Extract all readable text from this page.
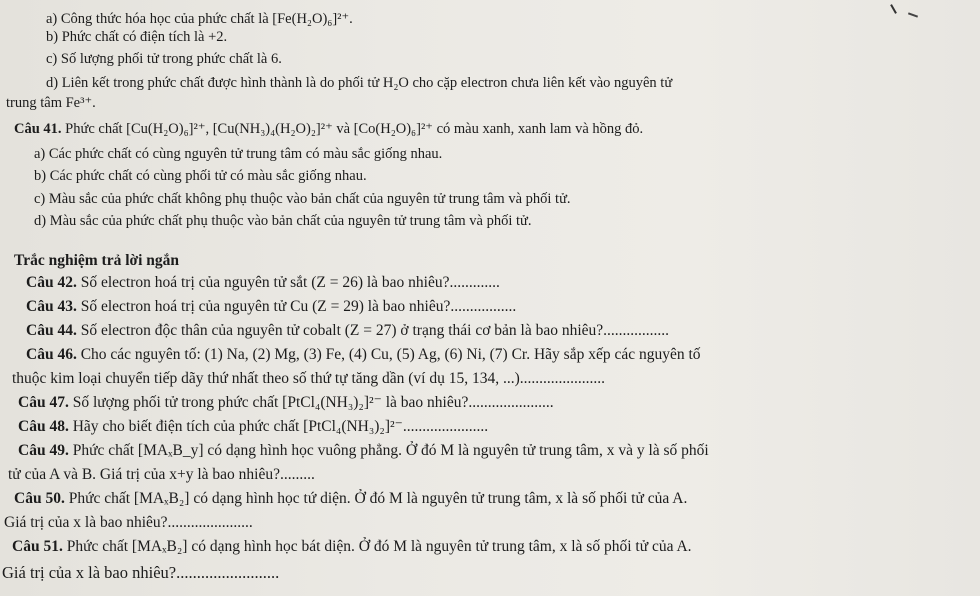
a) Công thức hóa học của phức chất là [Fe(H₂O)₆]²⁺.
b) Phức chất có điện tích là +2.
c) Số lượng phối tử trong phức chất là 6.
d) Liên kết trong phức chất được hình thành là do phối tử H₂O cho cặp electron chưa liên kết vào nguyên tử
trung tâm Fe³⁺.
Câu 41. Phức chất [Cu(H₂O)₆]²⁺, [Cu(NH₃)₄(H₂O)₂]²⁺ và [Co(H₂O)₆]²⁺ có màu xanh, xanh lam và hồng đỏ.
a) Các phức chất có cùng nguyên tử trung tâm có màu sắc giống nhau.
b) Các phức chất có cùng phối tử có màu sắc giống nhau.
c) Màu sắc của phức chất không phụ thuộc vào bản chất của nguyên tử trung tâm và phối tử.
d) Màu sắc của phức chất phụ thuộc vào bản chất của nguyên tử trung tâm và phối tử.
Trắc nghiệm trả lời ngắn
Câu 42. Số electron hoá trị của nguyên tử sắt (Z = 26) là bao nhiêu?.............
Câu 43. Số electron hoá trị của nguyên tử Cu (Z = 29) là bao nhiêu?.................
Câu 44. Số electron độc thân của nguyên tử cobalt (Z = 27) ở trạng thái cơ bản là bao nhiêu?.................
Câu 46. Cho các nguyên tố: (1) Na, (2) Mg, (3) Fe, (4) Cu, (5) Ag, (6) Ni, (7) Cr. Hãy sắp xếp các nguyên tố
thuộc kim loại chuyển tiếp dãy thứ nhất theo số thứ tự tăng dần (ví dụ 15, 134, ...)......................
Câu 47. Số lượng phối tử trong phức chất [PtCl₄(NH₃)₂]²⁻ là bao nhiêu?......................
Câu 48. Hãy cho biết điện tích của phức chất [PtCl₄(NH₃)₂]²⁻......................
Câu 49. Phức chất [MAₓB_y] có dạng hình học vuông phẳng. Ở đó M là nguyên tử trung tâm, x và y là số phối
tử của A và B. Giá trị của x+y là bao nhiêu?.........
Câu 50. Phức chất [MAₓB₂] có dạng hình học tứ diện. Ở đó M là nguyên tử trung tâm, x là số phối tử của A.
Giá trị của x là bao nhiêu?......................
Câu 51. Phức chất [MAₓB₂] có dạng hình học bát diện. Ở đó M là nguyên tử trung tâm, x là số phối tử của A.
Giá trị của x là bao nhiêu?.........................
